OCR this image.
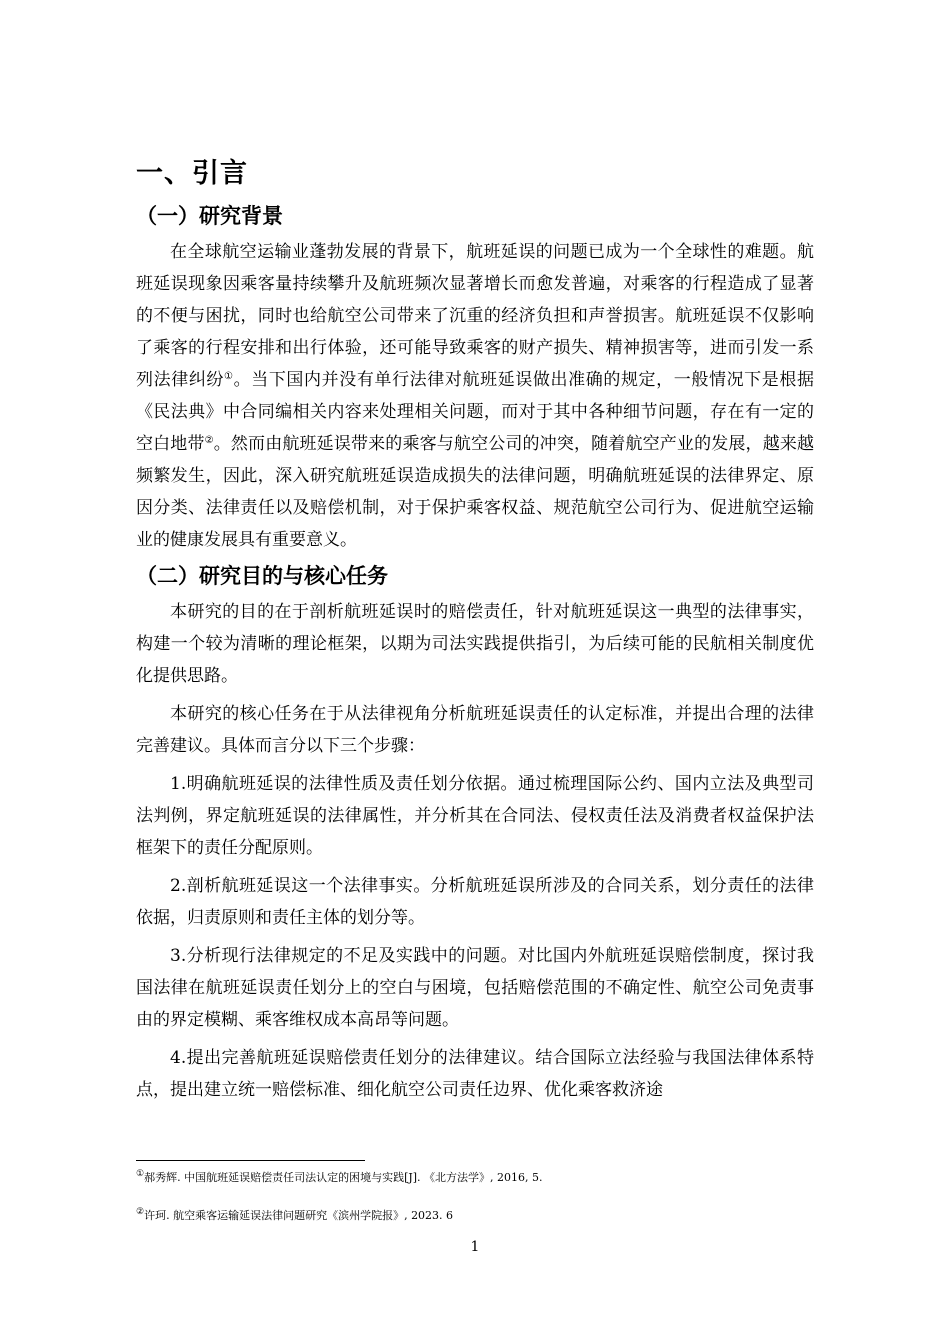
一、引言
（一）研究背景

在全球航空运输业蓬勃发展的背景下，航班延误的问题已成为一个全球性的难题。航班延误现象因乘客量持续攀升及航班频次显著增长而愈发普遍，对乘客的行程造成了显著的不便与困扰，同时也给航空公司带来了沉重的经济负担和声誉损害。航班延误不仅影响了乘客的行程安排和出行体验，还可能导致乘客的财产损失、精神损害等，进而引发一系列法律纠纷①。当下国内并没有单行法律对航班延误做出准确的规定，一般情况下是根据《民法典》中合同编相关内容来处理相关问题，而对于其中各种细节问题，存在有一定的空白地带②。然而由航班延误带来的乘客与航空公司的冲突，随着航空产业的发展，越来越频繁发生，因此，深入研究航班延误造成损失的法律问题，明确航班延误的法律界定、原因分类、法律责任以及赔偿机制，对于保护乘客权益、规范航空公司行为、促进航空运输业的健康发展具有重要意义。

（二）研究目的与核心任务

本研究的目的在于剖析航班延误时的赔偿责任，针对航班延误这一典型的法律事实，构建一个较为清晰的理论框架，以期为司法实践提供指引，为后续可能的民航相关制度优化提供思路。

本研究的核心任务在于从法律视角分析航班延误责任的认定标准，并提出合理的法律完善建议。具体而言分以下三个步骤：

1.明确航班延误的法律性质及责任划分依据。通过梳理国际公约、国内立法及典型司法判例，界定航班延误的法律属性，并分析其在合同法、侵权责任法及消费者权益保护法框架下的责任分配原则。

2.剖析航班延误这一个法律事实。分析航班延误所涉及的合同关系，划分责任的法律依据，归责原则和责任主体的划分等。

3.分析现行法律规定的不足及实践中的问题。对比国内外航班延误赔偿制度，探讨我国法律在航班延误责任划分上的空白与困境，包括赔偿范围的不确定性、航空公司免责事由的界定模糊、乘客维权成本高昂等问题。

4.提出完善航班延误赔偿责任划分的法律建议。结合国际立法经验与我国法律体系特点，提出建立统一赔偿标准、细化航空公司责任边界、优化乘客救济途

①郝秀辉. 中国航班延误赔偿责任司法认定的困境与实践[J]. 《北方法学》, 2016, 5.
②许珂. 航空乘客运输延误法律问题研究《滨州学院报》, 2023. 6
1
